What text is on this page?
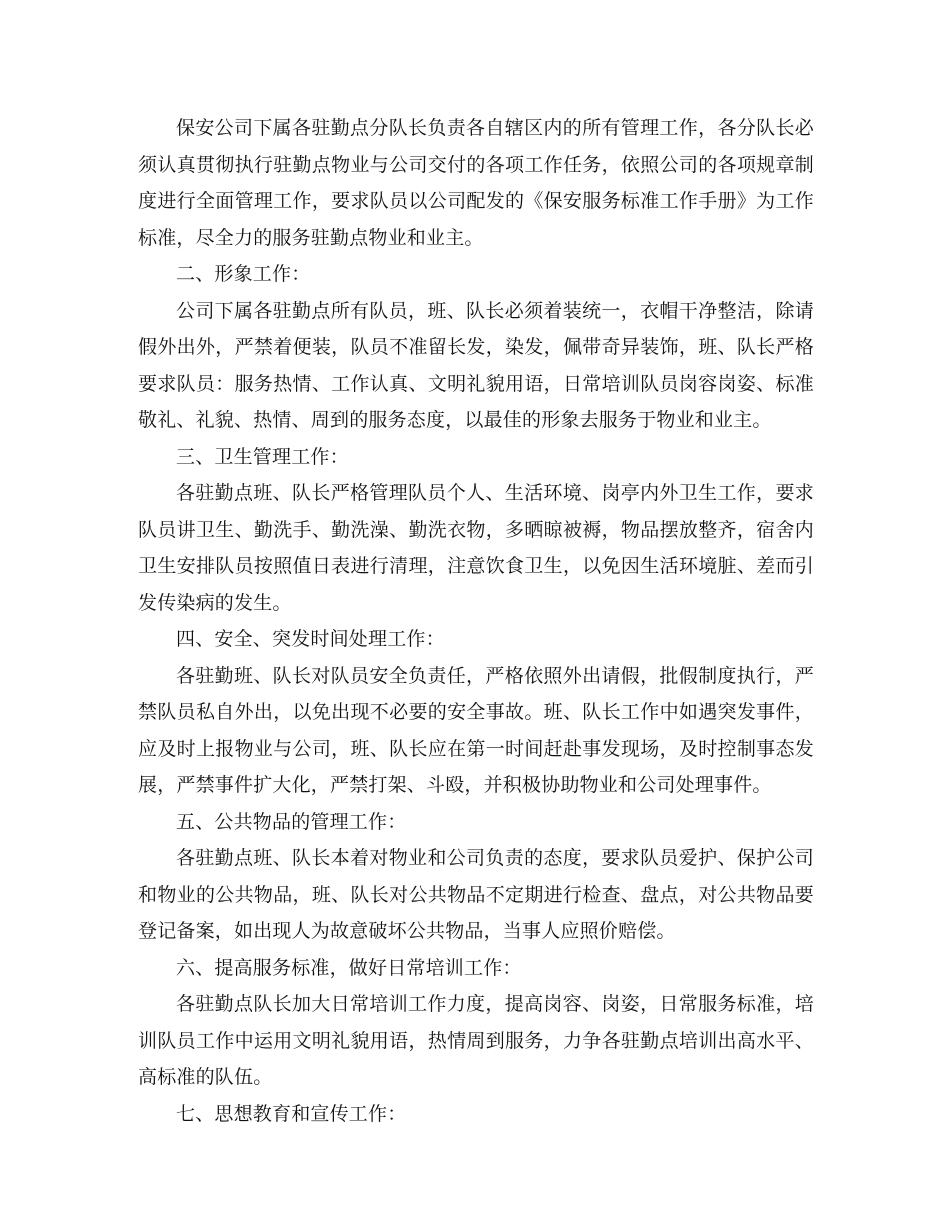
保安公司下属各驻勤点分队长负责各自辖区内的所有管理工作，各分队长必须认真贯彻执行驻勤点物业与公司交付的各项工作任务，依照公司的各项规章制度进行全面管理工作，要求队员以公司配发的《保安服务标准工作手册》为工作标准，尽全力的服务驻勤点物业和业主。

二、形象工作：

公司下属各驻勤点所有队员，班、队长必须着装统一，衣帽干净整洁，除请假外出外，严禁着便装，队员不准留长发，染发，佩带奇异装饰，班、队长严格要求队员：服务热情、工作认真、文明礼貌用语，日常培训队员岗容岗姿、标准敬礼、礼貌、热情、周到的服务态度，以最佳的形象去服务于物业和业主。

三、卫生管理工作：

各驻勤点班、队长严格管理队员个人、生活环境、岗亭内外卫生工作，要求队员讲卫生、勤洗手、勤洗澡、勤洗衣物，多晒晾被褥，物品摆放整齐，宿舍内卫生安排队员按照值日表进行清理，注意饮食卫生，以免因生活环境脏、差而引发传染病的发生。

四、安全、突发时间处理工作：

各驻勤班、队长对队员安全负责任，严格依照外出请假，批假制度执行，严禁队员私自外出，以免出现不必要的安全事故。班、队长工作中如遇突发事件，应及时上报物业与公司，班、队长应在第一时间赶赴事发现场，及时控制事态发展，严禁事件扩大化，严禁打架、斗殴，并积极协助物业和公司处理事件。

五、公共物品的管理工作：

各驻勤点班、队长本着对物业和公司负责的态度，要求队员爱护、保护公司和物业的公共物品，班、队长对公共物品不定期进行检查、盘点，对公共物品要登记备案，如出现人为故意破坏公共物品，当事人应照价赔偿。

六、提高服务标准，做好日常培训工作：

各驻勤点队长加大日常培训工作力度，提高岗容、岗姿，日常服务标准，培训队员工作中运用文明礼貌用语，热情周到服务，力争各驻勤点培训出高水平、高标准的队伍。

七、思想教育和宣传工作：
